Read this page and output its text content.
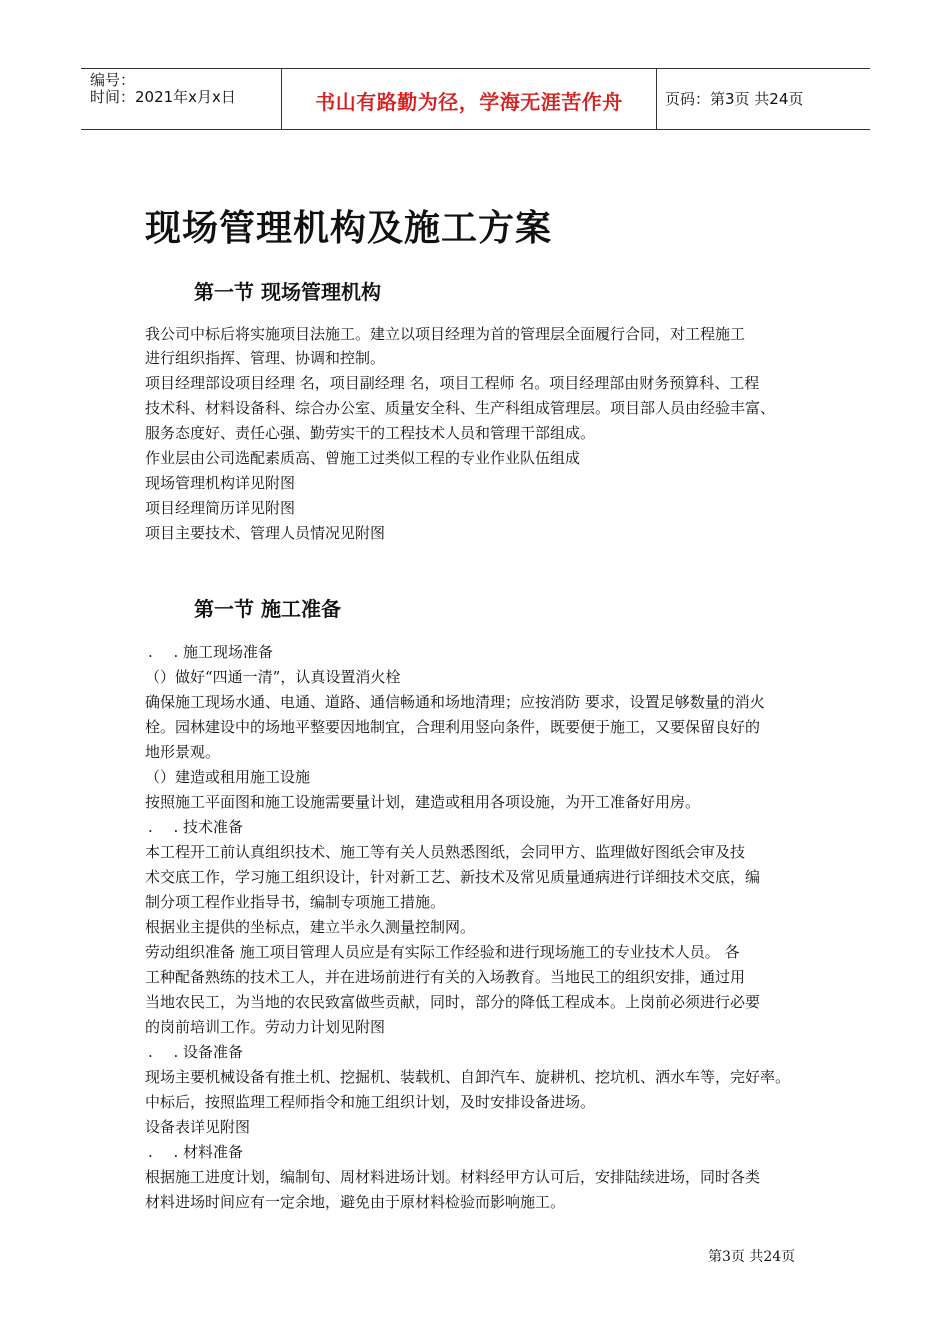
编号：
时间：2021年x月x日	书山有路勤为径，学海无涯苦作舟	页码：第3页 共24页
现场管理机构及施工方案
第一节 现场管理机构
我公司中标后将实施项目法施工。建立以项目经理为首的管理层全面履行合同，对工程施工
进行组织指挥、管理、协调和控制。
项目经理部设项目经理 名，项目副经理 名，项目工程师 名。项目经理部由财务预算科、工程
技术科、材料设备科、综合办公室、质量安全科、生产科组成管理层。项目部人员由经验丰富、
服务态度好、责任心强、勤劳实干的工程技术人员和管理干部组成。
作业层由公司选配素质高、曾施工过类似工程的专业作业队伍组成
现场管理机构详见附图
项目经理简历详见附图
项目主要技术、管理人员情况见附图
第一节 施工准备
. .
施工现场准备
（）做好“四通一清”，认真设置消火栓
确保施工现场水通、电通、道路、通信畅通和场地清理；应按消防 要求，设置足够数量的消火
栓。园林建设中的场地平整要因地制宜，合理利用竖向条件，既要便于施工，又要保留良好的
地形景观。
（）建造或租用施工设施
按照施工平面图和施工设施需要量计划，建造或租用各项设施，为开工准备好用房。
. .
技术准备
本工程开工前认真组织技术、施工等有关人员熟悉图纸，会同甲方、监理做好图纸会审及技
术交底工作，学习施工组织设计，针对新工艺、新技术及常见质量通病进行详细技术交底，编
制分项工程作业指导书，编制专项施工措施。
根据业主提供的坐标点，建立半永久测量控制网。
劳动组织准备 施工项目管理人员应是有实际工作经验和进行现场施工的专业技术人员。 各
工种配备熟练的技术工人，并在进场前进行有关的入场教育。当地民工的组织安排，通过用
当地农民工，为当地的农民致富做些贡献，同时，部分的降低工程成本。上岗前必须进行必要
的岗前培训工作。劳动力计划见附图
. .
设备准备
现场主要机械设备有推土机、挖掘机、装载机、自卸汽车、旋耕机、挖坑机、洒水车等，完好率。
中标后，按照监理工程师指令和施工组织计划，及时安排设备进场。
设备表详见附图
. .
材料准备
根据施工进度计划，编制旬、周材料进场计划。材料经甲方认可后，安排陆续进场，同时各类
材料进场时间应有一定余地，避免由于原材料检验而影响施工。
第3页 共24页
